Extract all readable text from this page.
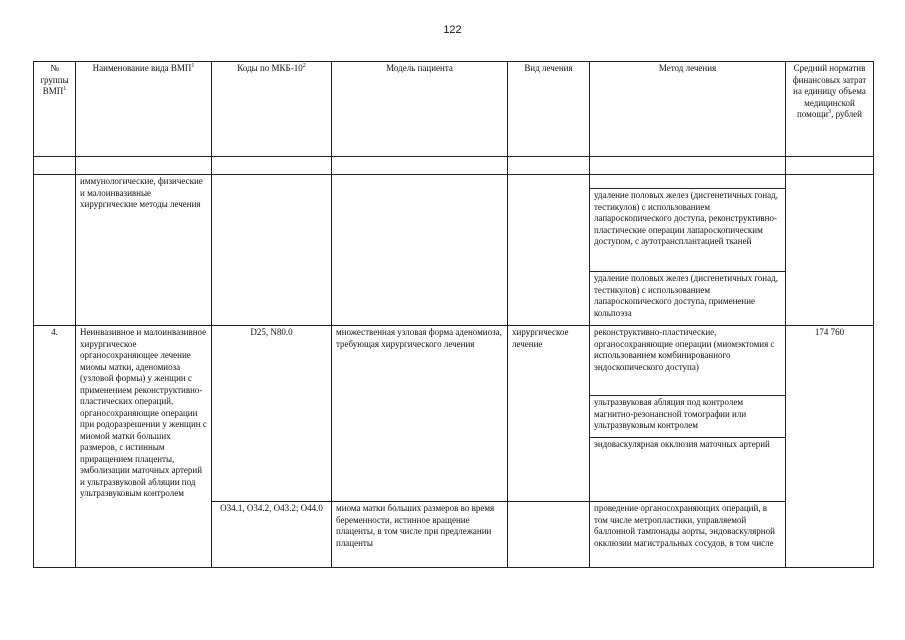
122
№ группы ВМП$^1$	Наименование вида ВМП$^1$	Коды по МКБ-$10^2$	Модель пациента	Вид лечения	Метод лечения	Средний норматив финансовых затрат на единицу объема медицинской помощи$^3$, рублей

	иммунологические, физические и малоинвазивные хирургические методы лечения					
					удаление половых желез (дисгенетичных гонад, тестикулов) с использованием лапароскопического доступа, реконструктивно-пластические операции лапароскопическим доступом, с аутотрансплантацией тканей	
					удаление половых желез (дисгенетичных гонад, тестикулов) с использованием лапароскопического доступа, применение кольпоэза	
4.	Неинвазивное и малоинвазивное хирургическое органосохраняющее лечение миомы матки, аденомиоза (узловой формы) у женщин с применением реконструктивно-пластических операций, органосохраняющие операции при родоразрешении у женщин с миомой матки больших размеров, с истинным приращением плаценты, эмболизации маточных артерий и ультразвуковой абляции под ультразвуковым контролем	D25, N80.0	множественная узловая форма аденомиоза, требующая хирургического лечения	хирургическое лечение	реконструктивно-пластические, органосохраняющие операции (миомэктомия с использованием комбинированного эндоскопического доступа)	174 760
					ультразвуковая абляция под контролем магнитно-резонансной томографии или ультразвуковым контролем	
					эндоваскулярная окклюзия маточных артерий	
		O34.1, O34.2, O43.2; O44.0	миома матки больших размеров во время беременности, истинное вращение плаценты, в том числе при предлежании плаценты		проведение органосохраняющих операций, в том числе метропластики, управляемой баллонной тампонады аорты, эндоваскулярной окклюзии магистральных сосудов, в том числе	
